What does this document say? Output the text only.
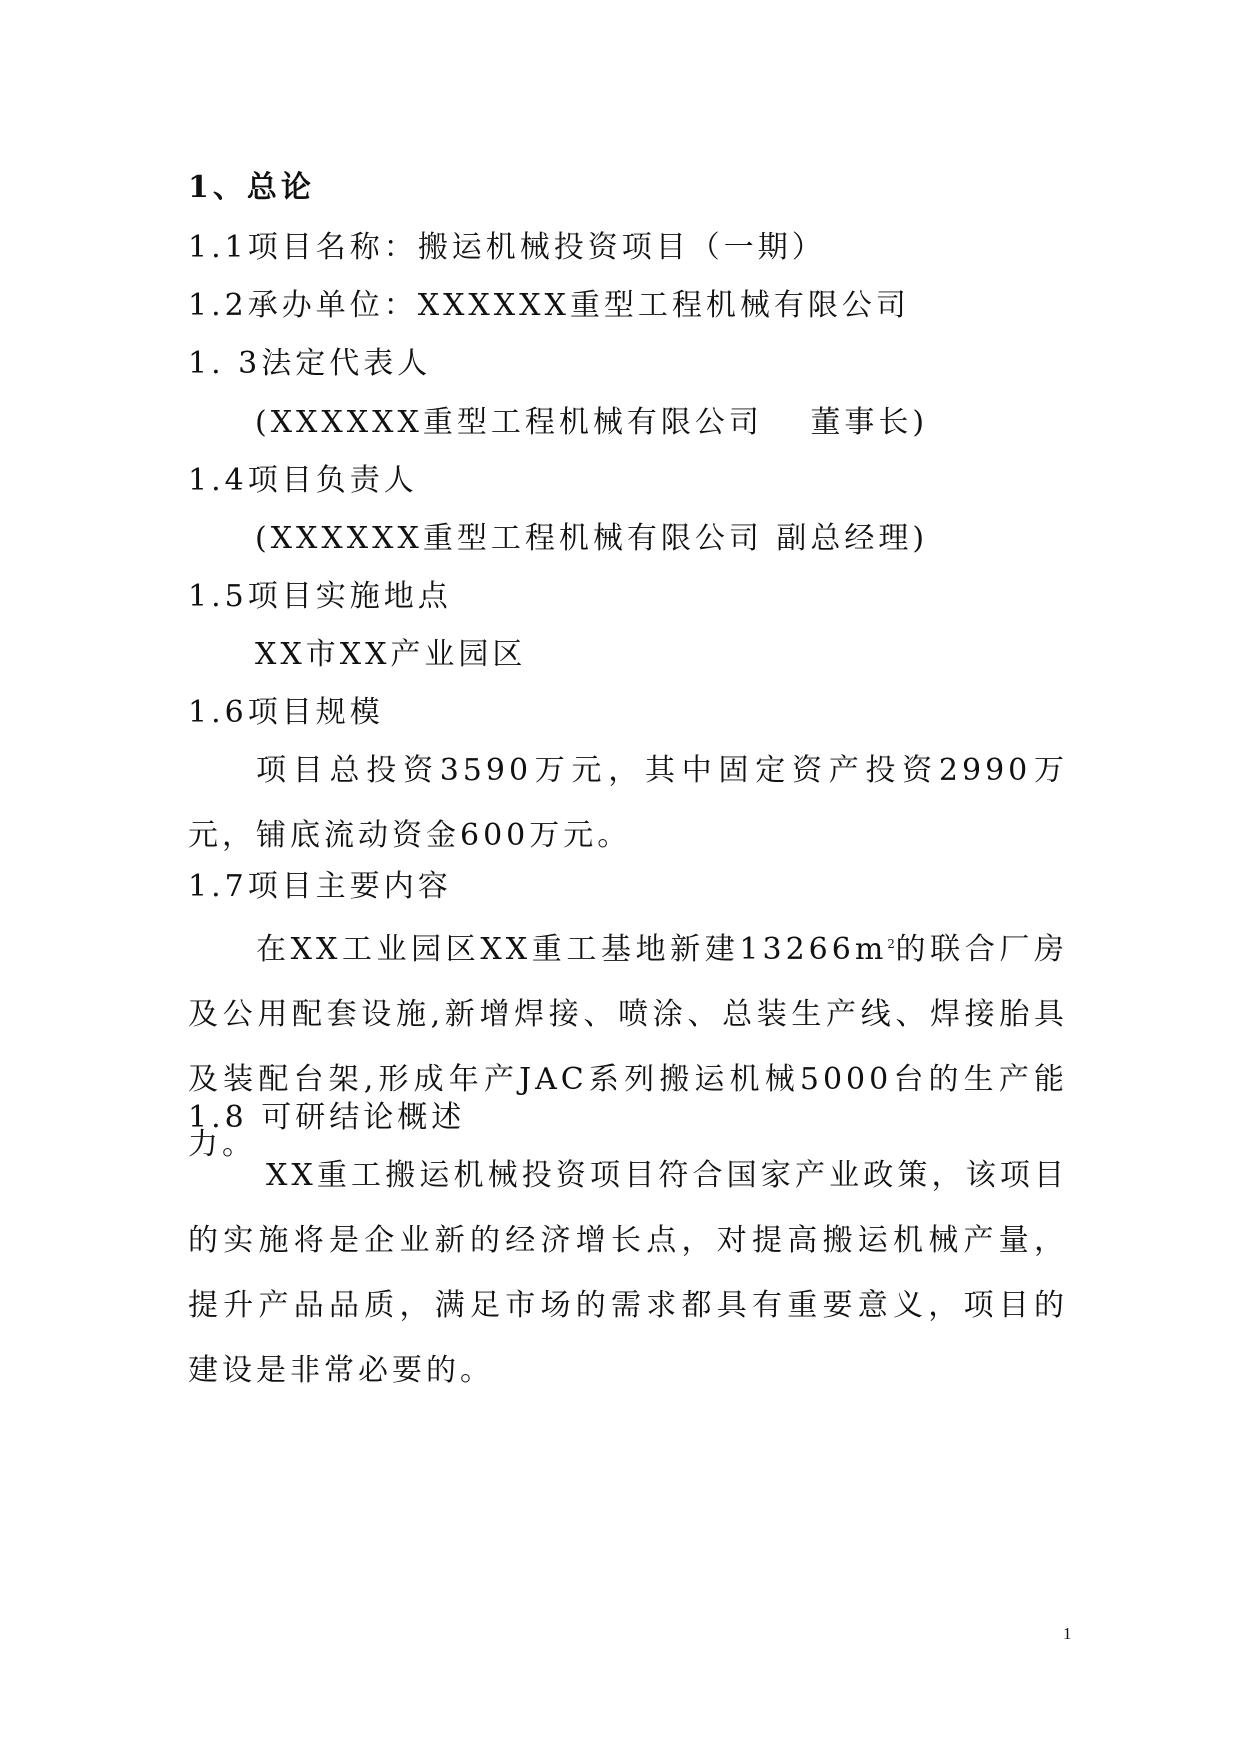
1、总论
1.1项目名称：搬运机械投资项目（一期）
1.2承办单位：XXXXXX重型工程机械有限公司
1. 3法定代表人
(XXXXXX重型工程机械有限公司　 董事长)
1.4项目负责人
(XXXXXX重型工程机械有限公司 副总经理)
1.5项目实施地点
XX市XX产业园区
1.6项目规模
项目总投资3590万元，其中固定资产投资2990万元，铺底流动资金600万元。
1.7项目主要内容
在XX工业园区XX重工基地新建$13266m^2$的联合厂房及公用配套设施,新增焊接、喷涂、总装生产线、焊接胎具及装配台架,形成年产JAC系列搬运机械5000台的生产能力。
1.8 可研结论概述
XX重工搬运机械投资项目符合国家产业政策，该项目的实施将是企业新的经济增长点，对提高搬运机械产量，提升产品品质，满足市场的需求都具有重要意义，项目的建设是非常必要的。
1
